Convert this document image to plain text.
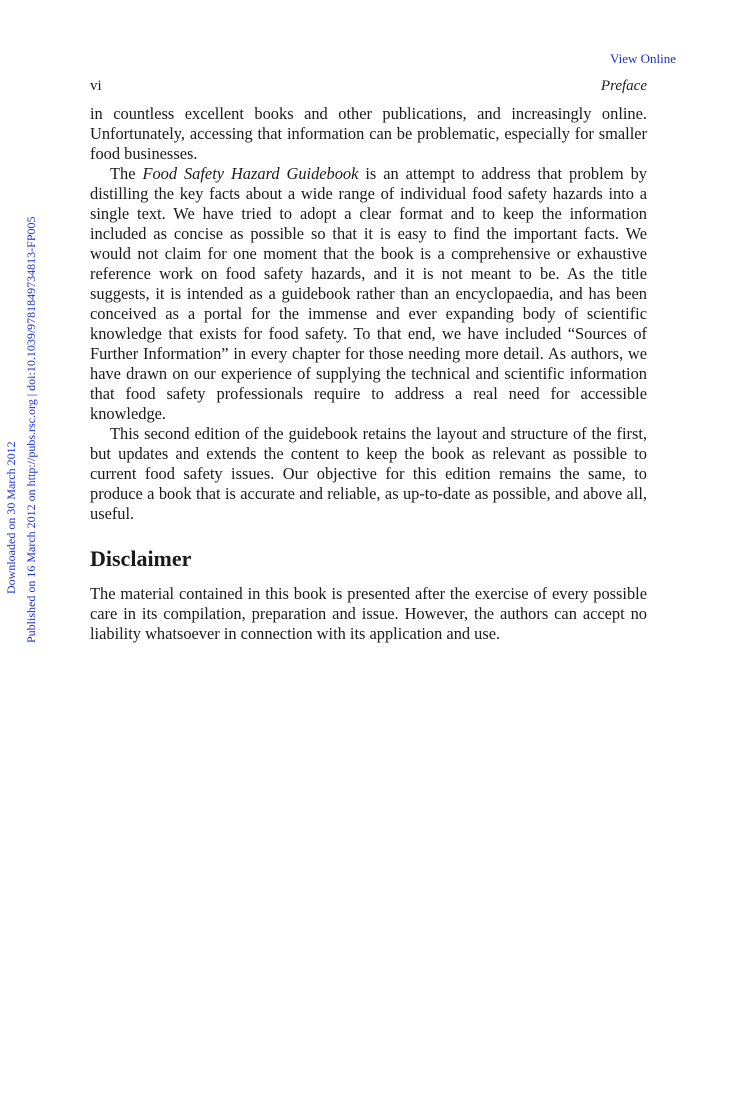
View Online
vi	Preface
Downloaded on 30 March 2012 Published on 16 March 2012 on http://pubs.rsc.org | doi:10.1039/9781849734813-FP005

in countless excellent books and other publications, and increasingly online. Unfortunately, accessing that information can be problematic, especially for smaller food businesses.

The Food Safety Hazard Guidebook is an attempt to address that problem by distilling the key facts about a wide range of individual food safety hazards into a single text. We have tried to adopt a clear format and to keep the information included as concise as possible so that it is easy to find the important facts. We would not claim for one moment that the book is a comprehensive or exhaustive reference work on food safety hazards, and it is not meant to be. As the title suggests, it is intended as a guidebook rather than an encyclopaedia, and has been conceived as a portal for the immense and ever expanding body of scientific knowledge that exists for food safety. To that end, we have included “Sources of Further Information” in every chapter for those needing more detail. As authors, we have drawn on our experience of supplying the technical and scientific information that food safety professionals require to address a real need for accessible knowledge.

This second edition of the guidebook retains the layout and structure of the first, but updates and extends the content to keep the book as relevant as possible to current food safety issues. Our objective for this edition remains the same, to produce a book that is accurate and reliable, as up-to-date as possible, and above all, useful.

Disclaimer

The material contained in this book is presented after the exercise of every possible care in its compilation, preparation and issue. However, the authors can accept no liability whatsoever in connection with its application and use.
